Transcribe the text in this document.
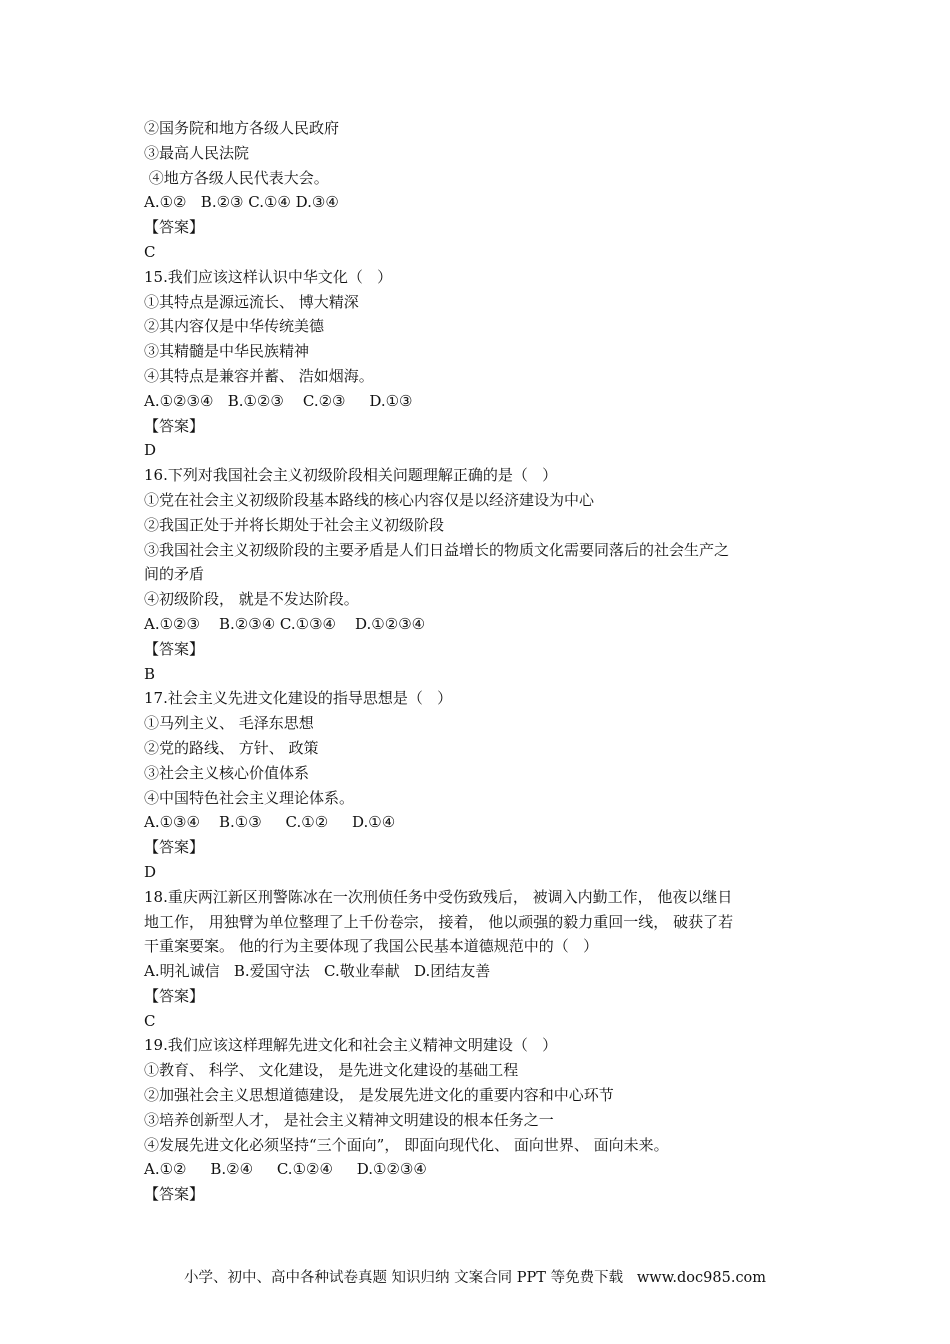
②国务院和地方各级人民政府
③最高人民法院
④地方各级人民代表大会。
A.①②   B.②③ C.①④ D.③④
【答案】
C
15.我们应该这样认识中华文化（   ）
①其特点是源远流长、 博大精深
②其内容仅是中华传统美德
③其精髓是中华民族精神
④其特点是兼容并蓄、 浩如烟海。
A.①②③④   B.①②③    C.②③     D.①③
【答案】
D
16.下列对我国社会主义初级阶段相关问题理解正确的是（   ）
①党在社会主义初级阶段基本路线的核心内容仅是以经济建设为中心
②我国正处于并将长期处于社会主义初级阶段
③我国社会主义初级阶段的主要矛盾是人们日益增长的物质文化需要同落后的社会生产之
间的矛盾
④初级阶段， 就是不发达阶段。
A.①②③    B.②③④ C.①③④    D.①②③④
【答案】
B
17.社会主义先进文化建设的指导思想是（   ）
①马列主义、 毛泽东思想
②党的路线、 方针、 政策
③社会主义核心价值体系
④中国特色社会主义理论体系。
A.①③④    B.①③     C.①②     D.①④
【答案】
D
18.重庆两江新区刑警陈冰在一次刑侦任务中受伤致残后， 被调入内勤工作， 他夜以继日
地工作， 用独臂为单位整理了上千份卷宗， 接着， 他以顽强的毅力重回一线， 破获了若
干重案要案。 他的行为主要体现了我国公民基本道德规范中的（   ）
A.明礼诚信   B.爱国守法   C.敬业奉献   D.团结友善
【答案】
C
19.我们应该这样理解先进文化和社会主义精神文明建设（   ）
①教育、 科学、 文化建设， 是先进文化建设的基础工程
②加强社会主义思想道德建设， 是发展先进文化的重要内容和中心环节
③培养创新型人才， 是社会主义精神文明建设的根本任务之一
④发展先进文化必须坚持“三个面向”， 即面向现代化、 面向世界、 面向未来。
A.①②     B.②④     C.①②④     D.①②③④
【答案】
小学、初中、高中各种试卷真题 知识归纳 文案合同 PPT 等免费下载   www.doc985.com
